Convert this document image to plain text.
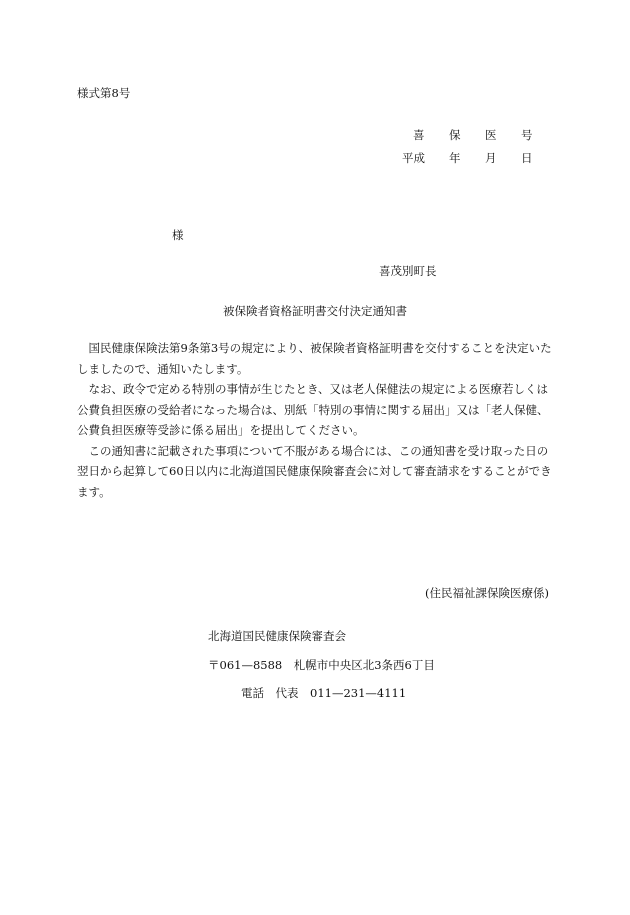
様式第8号
喜 保 医 号
平成 年 月 日
様
喜茂別町長
被保険者資格証明書交付決定通知書

国民健康保険法第9条第3号の規定により、被保険者資格証明書を交付することを決定いたしましたので、通知いたします。

なお、政令で定める特別の事情が生じたとき、又は老人保健法の規定による医療若しくは公費負担医療の受給者になった場合は、別紙「特別の事情に関する届出」又は「老人保健、公費負担医療等受診に係る届出」を提出してください。

この通知書に記載された事項について不服がある場合には、この通知書を受け取った日の翌日から起算して60日以内に北海道国民健康保険審査会に対して審査請求をすることができます。

(住民福祉課保険医療係)
北海道国民健康保険審査会
〒061—8588　札幌市中央区北3条西6丁目
電話　代表　011—231—4111
